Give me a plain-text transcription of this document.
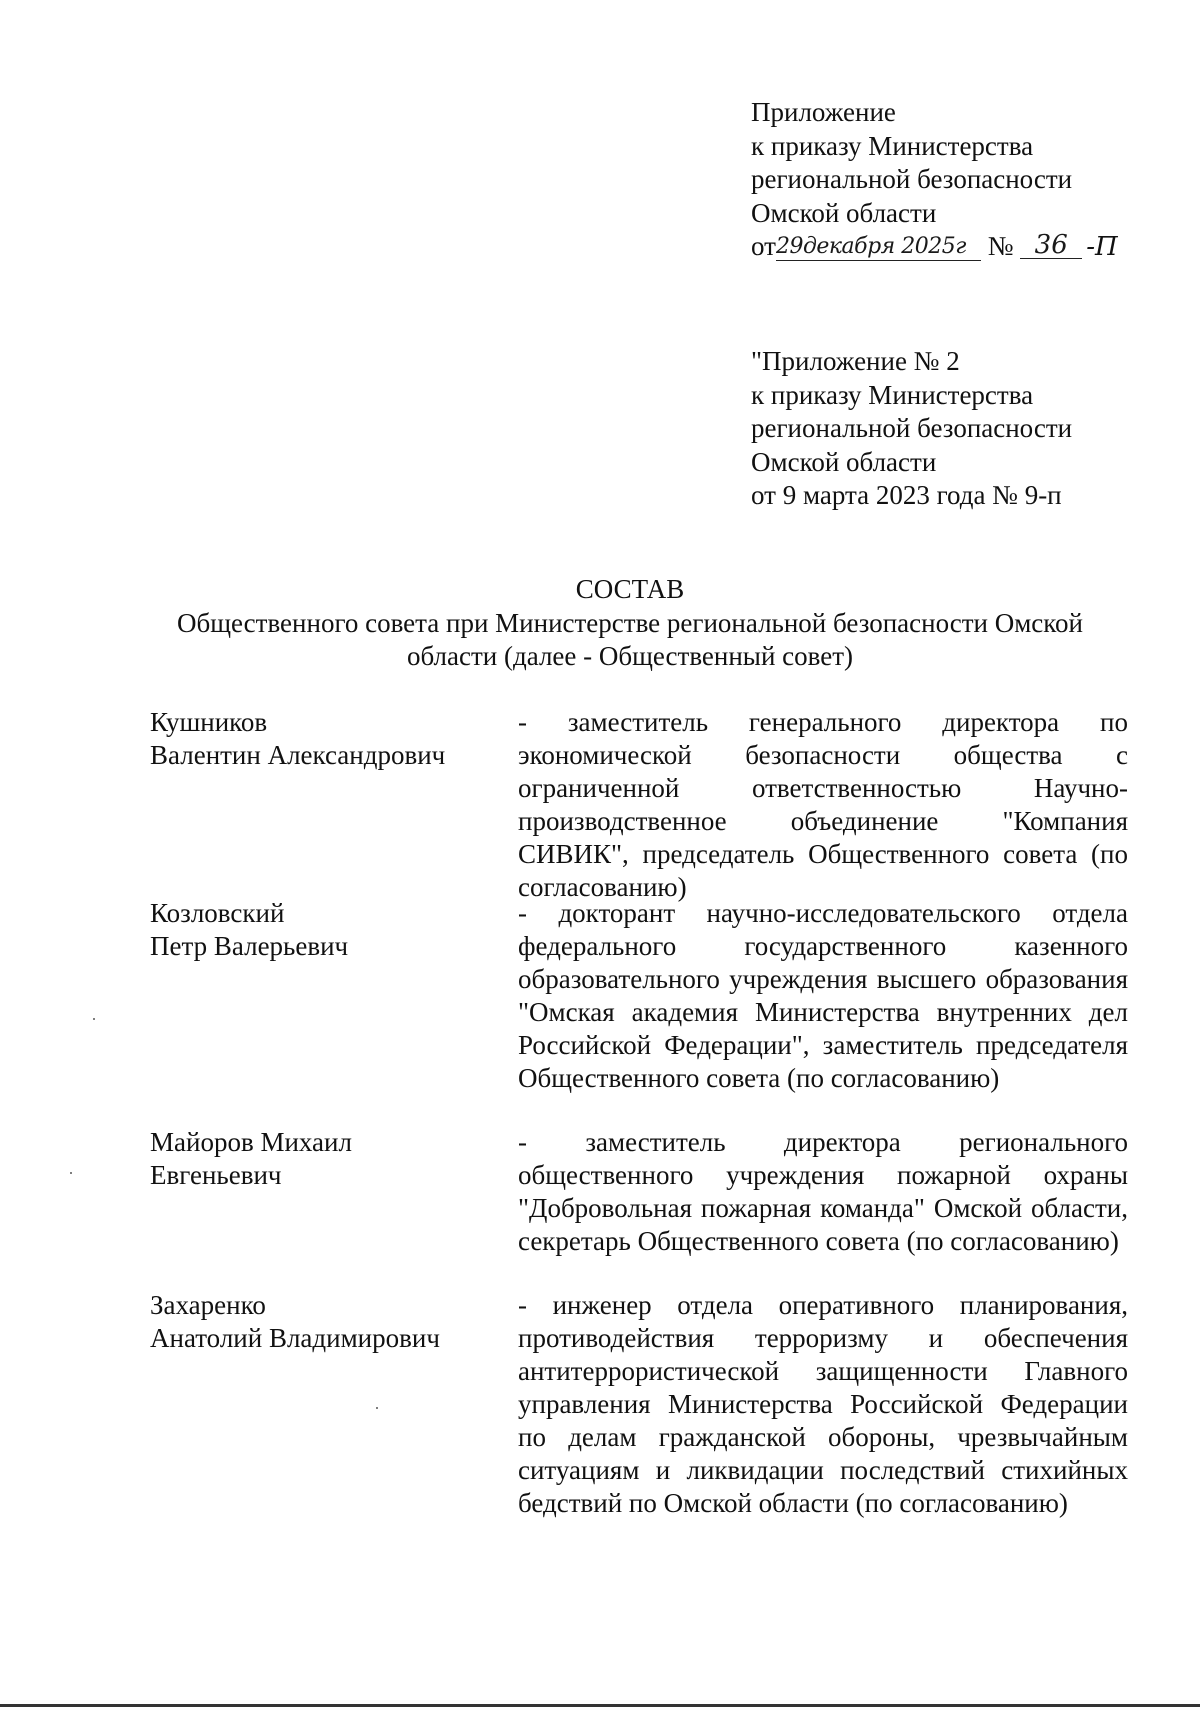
Приложение
к приказу Министерства
региональной безопасности
Омской области
от29декабря 2025г № 36 -П
"Приложение № 2
к приказу Министерства
региональной безопасности
Омской области
от 9 марта 2023 года № 9-п
СОСТАВ
Общественного совета при Министерстве региональной безопасности Омской
области (далее - Общественный совет)
Кушников
Валентин Александрович
- заместитель генерального директора по экономической безопасности общества с ограниченной ответственностью Научно-производственное объединение "Компания СИВИК", председатель Общественного совета (по согласованию)
Козловский
Петр Валерьевич
- докторант научно-исследовательского отдела федерального государственного казенного образовательного учреждения высшего образования "Омская академия Министерства внутренних дел Российской Федерации", заместитель председателя Общественного совета (по согласованию)
Майоров Михаил
Евгеньевич
- заместитель директора регионального общественного учреждения пожарной охраны "Добровольная пожарная команда" Омской области, секретарь Общественного совета (по согласованию)
Захаренко
Анатолий Владимирович
- инженер отдела оперативного планирования, противодействия терроризму и обеспечения антитеррористической защищенности Главного управления Министерства Российской Федерации по делам гражданской обороны, чрезвычайным ситуациям и ликвидации последствий стихийных бедствий по Омской области (по согласованию)
